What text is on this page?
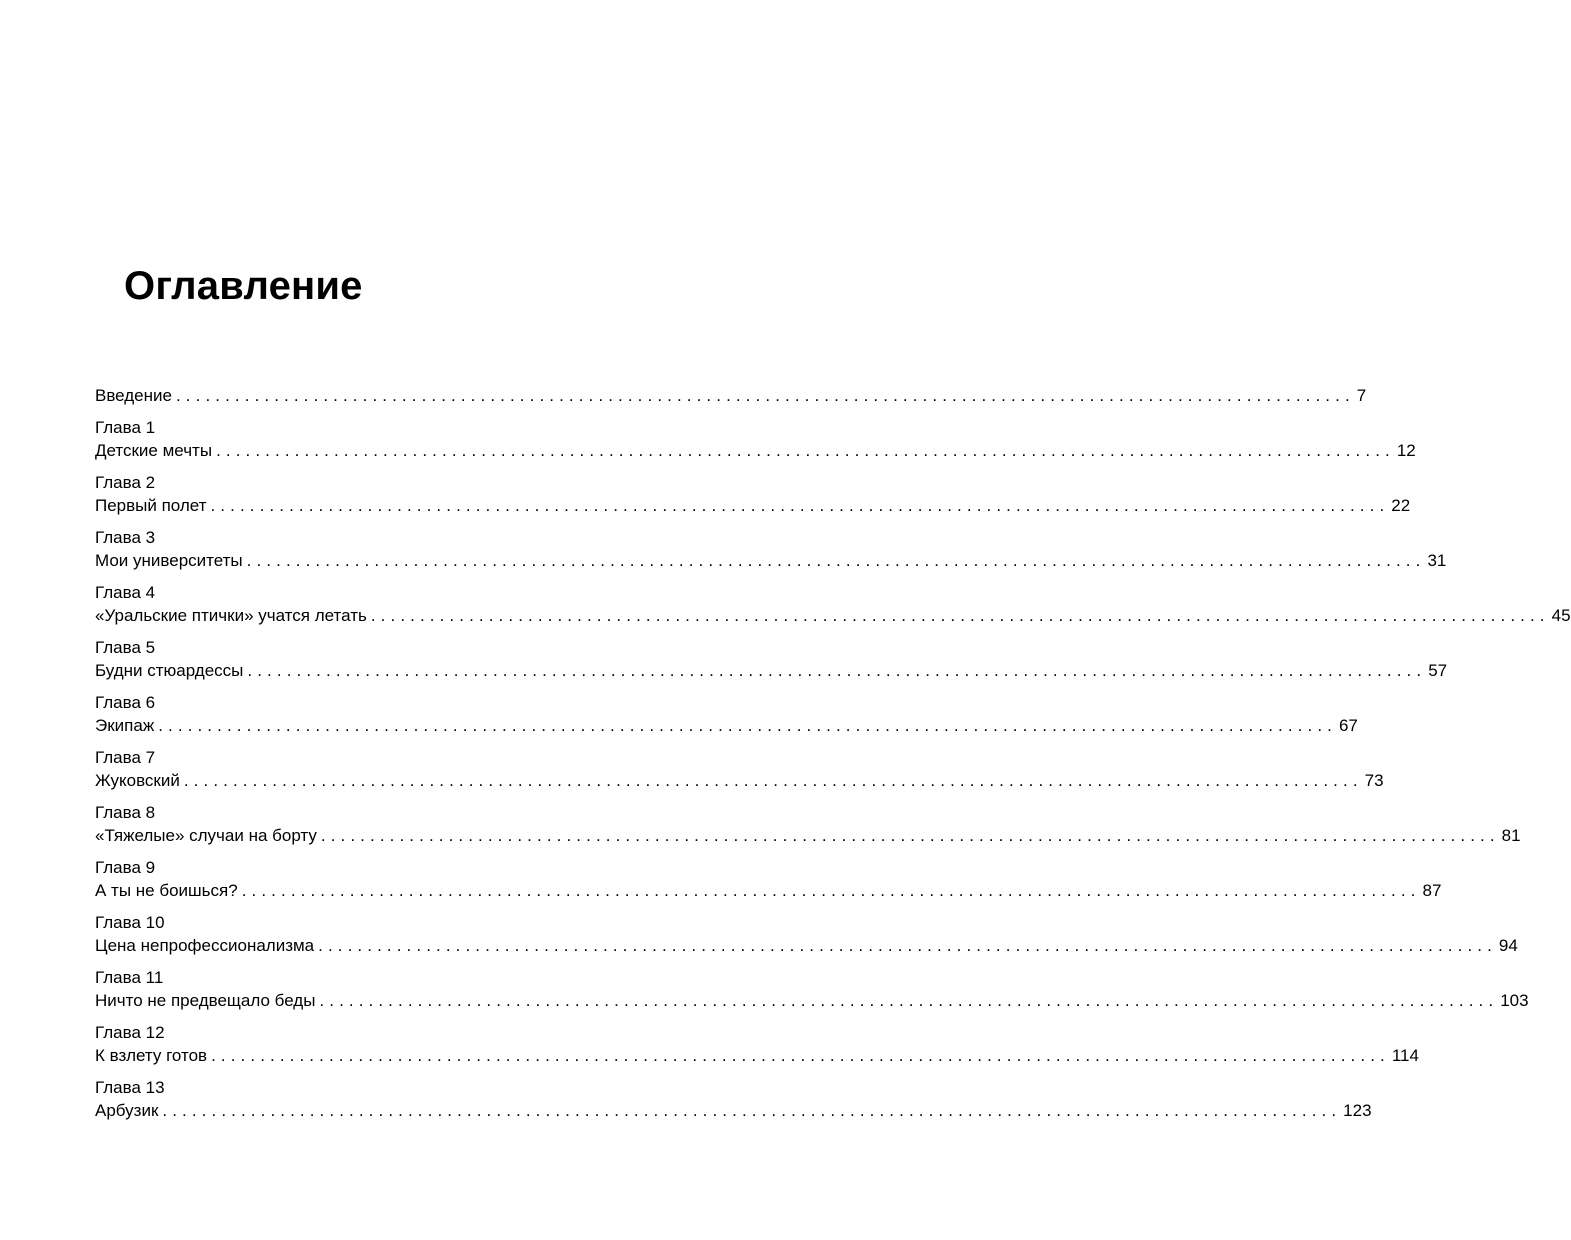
Оглавление
Введение ........................................................................................................................ 7
Глава 1
Детские мечты ........................................................................................................................ 12
Глава 2
Первый полет ........................................................................................................................ 22
Глава 3
Мои университеты ........................................................................................................................ 31
Глава 4
«Уральские птички» учатся летать ........................................................................................................................ 45
Глава 5
Будни стюардессы ........................................................................................................................ 57
Глава 6
Экипаж ........................................................................................................................ 67
Глава 7
Жуковский ........................................................................................................................ 73
Глава 8
«Тяжелые» случаи на борту ........................................................................................................................ 81
Глава 9
А ты не боишься? ........................................................................................................................ 87
Глава 10
Цена непрофессионализма ........................................................................................................................ 94
Глава 11
Ничто не предвещало беды ........................................................................................................................ 103
Глава 12
К взлету готов ........................................................................................................................ 114
Глава 13
Арбузик ........................................................................................................................ 123
